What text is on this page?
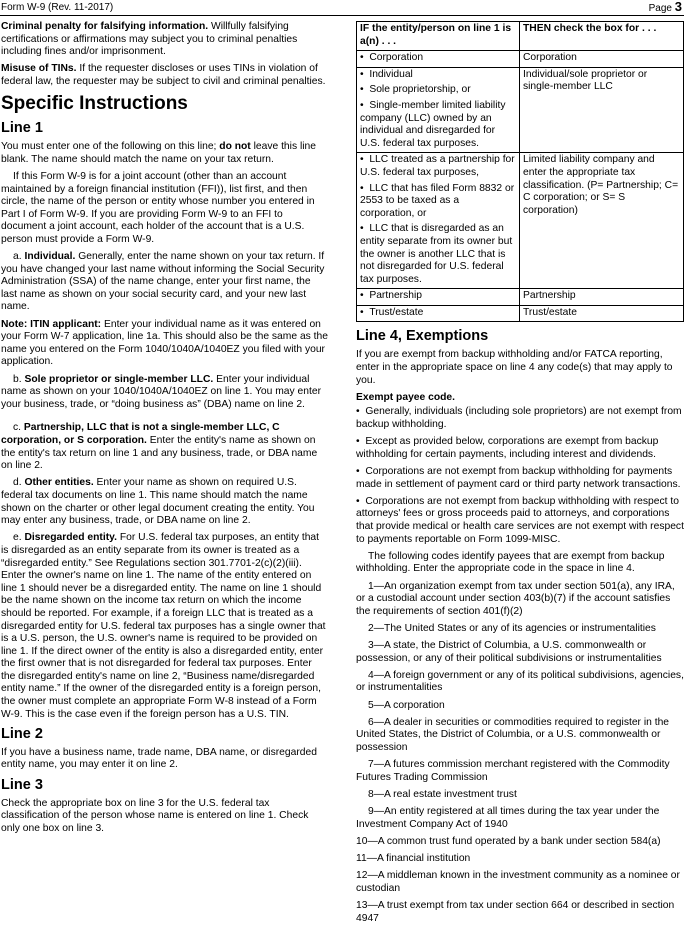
Form W-9 (Rev. 11-2017)	Page 3

Criminal penalty for falsifying information. Willfully falsifying certifications or affirmations may subject you to criminal penalties including fines and/or imprisonment.

Misuse of TINs. If the requester discloses or uses TINs in violation of federal law, the requester may be subject to civil and criminal penalties.

Specific Instructions
Line 1

You must enter one of the following on this line; do not leave this line blank. The name should match the name on your tax return.

If this Form W-9 is for a joint account (other than an account maintained by a foreign financial institution (FFI)), list first, and then circle, the name of the person or entity whose number you entered in Part I of Form W-9. If you are providing Form W-9 to an FFI to document a joint account, each holder of the account that is a U.S. person must provide a Form W-9.

a. Individual. Generally, enter the name shown on your tax return. If you have changed your last name without informing the Social Security Administration (SSA) of the name change, enter your first name, the last name as shown on your social security card, and your new last name.

Note: ITIN applicant: Enter your individual name as it was entered on your Form W-7 application, line 1a. This should also be the same as the name you entered on the Form 1040/1040A/1040EZ you filed with your application.

b. Sole proprietor or single-member LLC. Enter your individual name as shown on your 1040/1040A/1040EZ on line 1. You may enter your business, trade, or “doing business as” (DBA) name on line 2.

c. Partnership, LLC that is not a single-member LLC, C corporation, or S corporation. Enter the entity's name as shown on the entity's tax return on line 1 and any business, trade, or DBA name on line 2.

d. Other entities. Enter your name as shown on required U.S. federal tax documents on line 1. This name should match the name shown on the charter or other legal document creating the entity. You may enter any business, trade, or DBA name on line 2.

e. Disregarded entity. For U.S. federal tax purposes, an entity that is disregarded as an entity separate from its owner is treated as a “disregarded entity.” See Regulations section 301.7701-2(c)(2)(iii). Enter the owner's name on line 1. The name of the entity entered on line 1 should never be a disregarded entity. The name on line 1 should be the name shown on the income tax return on which the income should be reported. For example, if a foreign LLC that is treated as a disregarded entity for U.S. federal tax purposes has a single owner that is a U.S. person, the U.S. owner's name is required to be provided on line 1. If the direct owner of the entity is also a disregarded entity, enter the first owner that is not disregarded for federal tax purposes. Enter the disregarded entity's name on line 2, “Business name/disregarded entity name.” If the owner of the disregarded entity is a foreign person, the owner must complete an appropriate Form W-8 instead of a Form W-9. This is the case even if the foreign person has a U.S. TIN.

Line 2

If you have a business name, trade name, DBA name, or disregarded entity name, you may enter it on line 2.

Line 3

Check the appropriate box on line 3 for the U.S. federal tax classification of the person whose name is entered on line 1. Check only one box on line 3.

IF the entity/person on line 1 is a(n) . . .	THEN check the box for . . .
•  Corporation	Corporation

•  Individual
•  Sole proprietorship, or
•  Single-member limited liability company (LLC) owned by an individual and disregarded for U.S. federal tax purposes.	Individual/sole proprietor or single-member LLC

•  LLC treated as a partnership for U.S. federal tax purposes,
•  LLC that has filed Form 8832 or 2553 to be taxed as a corporation, or
•  LLC that is disregarded as an entity separate from its owner but the owner is another LLC that is not disregarded for U.S. federal tax purposes.	Limited liability company and enter the appropriate tax classification. (P= Partnership; C= C corporation; or S= S corporation)
•  Partnership	Partnership
•  Trust/estate	Trust/estate
Line 4, Exemptions

If you are exempt from backup withholding and/or FATCA reporting, enter in the appropriate space on line 4 any code(s) that may apply to you.

Exempt payee code.

•  Generally, individuals (including sole proprietors) are not exempt from backup withholding.

•  Except as provided below, corporations are exempt from backup withholding for certain payments, including interest and dividends.

•  Corporations are not exempt from backup withholding for payments made in settlement of payment card or third party network transactions.

•  Corporations are not exempt from backup withholding with respect to attorneys' fees or gross proceeds paid to attorneys, and corporations that provide medical or health care services are not exempt with respect to payments reportable on Form 1099-MISC.

The following codes identify payees that are exempt from backup withholding. Enter the appropriate code in the space in line 4.

1—An organization exempt from tax under section 501(a), any IRA, or a custodial account under section 403(b)(7) if the account satisfies the requirements of section 401(f)(2)

2—The United States or any of its agencies or instrumentalities

3—A state, the District of Columbia, a U.S. commonwealth or possession, or any of their political subdivisions or instrumentalities

4—A foreign government or any of its political subdivisions, agencies, or instrumentalities

5—A corporation

6—A dealer in securities or commodities required to register in the United States, the District of Columbia, or a U.S. commonwealth or possession

7—A futures commission merchant registered with the Commodity Futures Trading Commission

8—A real estate investment trust

9—An entity registered at all times during the tax year under the Investment Company Act of 1940

10—A common trust fund operated by a bank under section 584(a)

11—A financial institution

12—A middleman known in the investment community as a nominee or custodian

13—A trust exempt from tax under section 664 or described in section 4947
